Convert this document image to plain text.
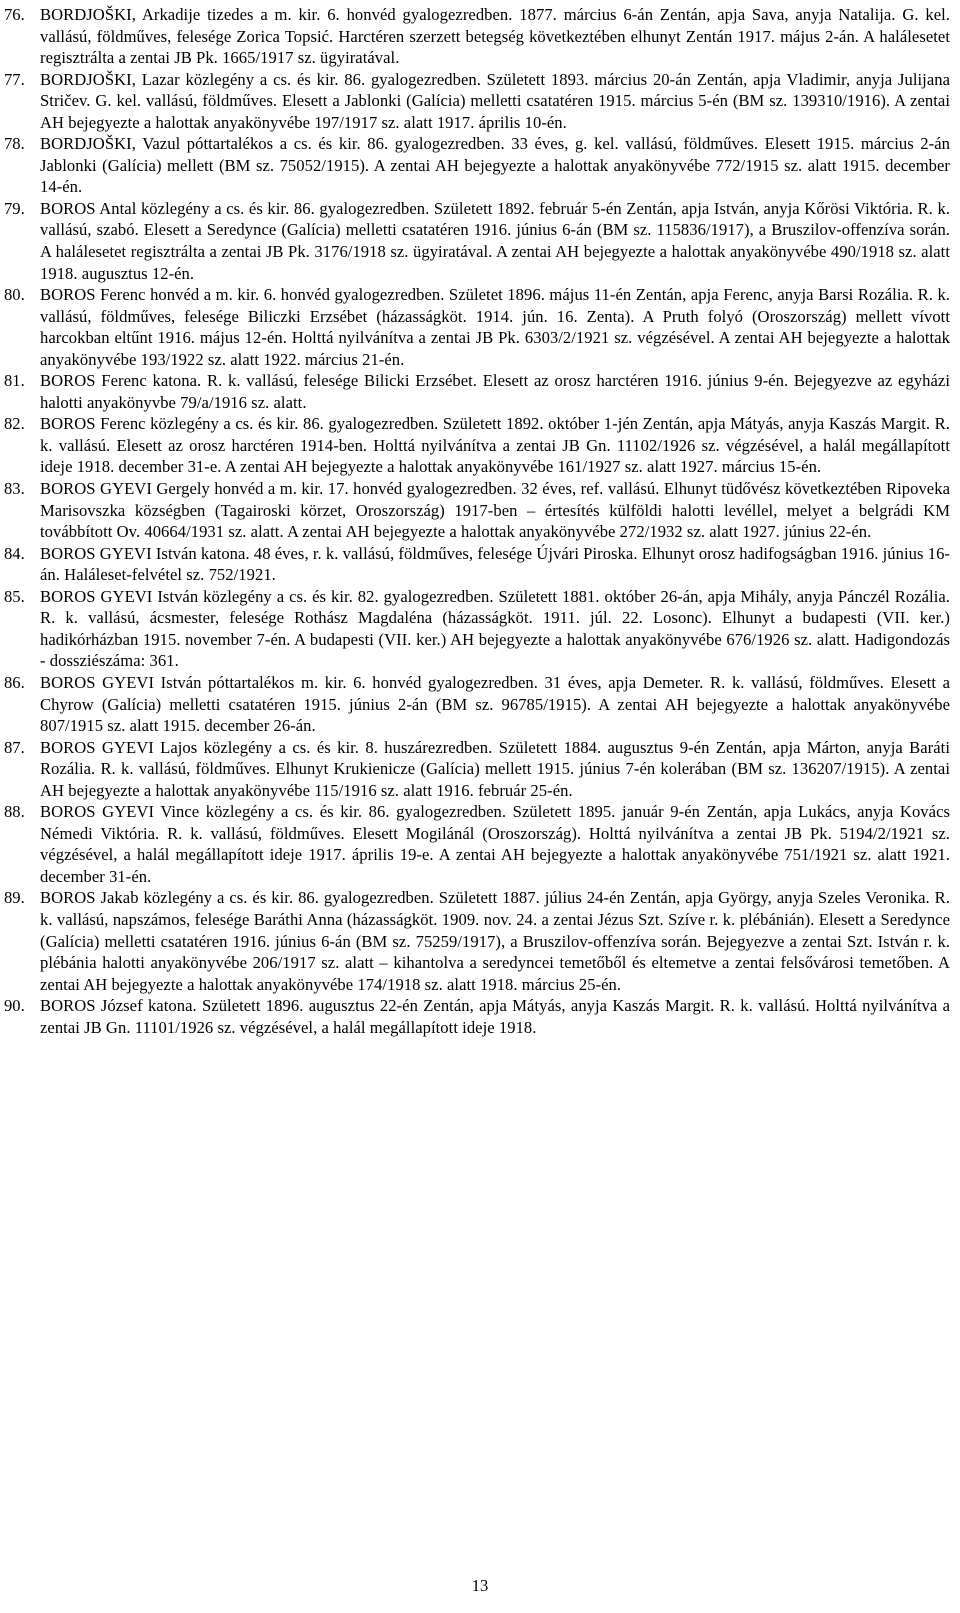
76. BORDJOŠKI, Arkadije tizedes a m. kir. 6. honvéd gyalogezredben. 1877. március 6-án Zentán, apja Sava, anyja Natalija. G. kel. vallású, földműves, felesége Zorica Topsić. Harctéren szerzett betegség következtében elhunyt Zentán 1917. május 2-án. A halálesetet regisztrálta a zentai JB Pk. 1665/1917 sz. ügyiratával.

77. BORDJOŠKI, Lazar közlegény a cs. és kir. 86. gyalogezredben. Született 1893. március 20-án Zentán, apja Vladimir, anyja Julijana Stričev. G. kel. vallású, földműves. Elesett a Jablonki (Galícia) melletti csatatéren 1915. március 5-én (BM sz. 139310/1916). A zentai AH bejegyezte a halottak anyakönyvébe 197/1917 sz. alatt 1917. április 10-én.

78. BORDJOŠKI, Vazul póttartalékos a cs. és kir. 86. gyalogezredben. 33 éves, g. kel. vallású, földműves. Elesett 1915. március 2-án Jablonki (Galícia) mellett (BM sz. 75052/1915). A zentai AH bejegyezte a halottak anyakönyvébe 772/1915 sz. alatt 1915. december 14-én.

79. BOROS Antal közlegény a cs. és kir. 86. gyalogezredben. Született 1892. február 5-én Zentán, apja István, anyja Kőrösi Viktória. R. k. vallású, szabó. Elesett a Seredynce (Galícia) melletti csatatéren 1916. június 6-án (BM sz. 115836/1917), a Bruszilov-offenzíva során. A halálesetet regisztrálta a zentai JB Pk. 3176/1918 sz. ügyiratával. A zentai AH bejegyezte a halottak anyakönyvébe 490/1918 sz. alatt 1918. augusztus 12-én.

80. BOROS Ferenc honvéd a m. kir. 6. honvéd gyalogezredben. Születet 1896. május 11-én Zentán, apja Ferenc, anyja Barsi Rozália. R. k. vallású, földműves, felesége Biliczki Erzsébet (házasságköt. 1914. jún. 16. Zenta). A Pruth folyó (Oroszország) mellett vívott harcokban eltűnt 1916. május 12-én. Holttá nyilvánítva a zentai JB Pk. 6303/2/1921 sz. végzésével. A zentai AH bejegyezte a halottak anyakönyvébe 193/1922 sz. alatt 1922. március 21-én.

81. BOROS Ferenc katona. R. k. vallású, felesége Bilicki Erzsébet. Elesett az orosz harctéren 1916. június 9-én. Bejegyezve az egyházi halotti anyakönyvbe 79/a/1916 sz. alatt.

82. BOROS Ferenc közlegény a cs. és kir. 86. gyalogezredben. Született 1892. október 1-jén Zentán, apja Mátyás, anyja Kaszás Margit. R. k. vallású. Elesett az orosz harctéren 1914-ben. Holttá nyilvánítva a zentai JB Gn. 11102/1926 sz. végzésével, a halál megállapított ideje 1918. december 31-e. A zentai AH bejegyezte a halottak anyakönyvébe 161/1927 sz. alatt 1927. március 15-én.

83. BOROS GYEVI Gergely honvéd a m. kir. 17. honvéd gyalogezredben. 32 éves, ref. vallású. Elhunyt tüdővész következtében Ripoveka Marisovszka községben (Tagairoski körzet, Oroszország) 1917-ben – értesítés külföldi halotti levéllel, melyet a belgrádi KM továbbított Ov. 40664/1931 sz. alatt. A zentai AH bejegyezte a halottak anyakönyvébe 272/1932 sz. alatt 1927. június 22-én.

84. BOROS GYEVI István katona. 48 éves, r. k. vallású, földműves, felesége Újvári Piroska. Elhunyt orosz hadifogságban 1916. június 16-án. Haláleset-felvétel sz. 752/1921.

85. BOROS GYEVI István közlegény a cs. és kir. 82. gyalogezredben. Született 1881. október 26-án, apja Mihály, anyja Pánczél Rozália. R. k. vallású, ácsmester, felesége Rothász Magdaléna (házasságköt. 1911. júl. 22. Losonc). Elhunyt a budapesti (VII. ker.) hadikórházban 1915. november 7-én. A budapesti (VII. ker.) AH bejegyezte a halottak anyakönyvébe 676/1926 sz. alatt. Hadigondozás - dossziészáma: 361.

86. BOROS GYEVI István póttartalékos m. kir. 6. honvéd gyalogezredben. 31 éves, apja Demeter. R. k. vallású, földműves. Elesett a Chyrow (Galícia) melletti csatatéren 1915. június 2-án (BM sz. 96785/1915). A zentai AH bejegyezte a halottak anyakönyvébe 807/1915 sz. alatt 1915. december 26-án.

87. BOROS GYEVI Lajos közlegény a cs. és kir. 8. huszárezredben. Született 1884. augusztus 9-én Zentán, apja Márton, anyja Baráti Rozália. R. k. vallású, földműves. Elhunyt Krukienicze (Galícia) mellett 1915. június 7-én kolerában (BM sz. 136207/1915). A zentai AH bejegyezte a halottak anyakönyvébe 115/1916 sz. alatt 1916. február 25-én.

88. BOROS GYEVI Vince közlegény a cs. és kir. 86. gyalogezredben. Született 1895. január 9-én Zentán, apja Lukács, anyja Kovács Némedi Viktória. R. k. vallású, földműves. Elesett Mogilánál (Oroszország). Holttá nyilvánítva a zentai JB Pk. 5194/2/1921 sz. végzésével, a halál megállapított ideje 1917. április 19-e. A zentai AH bejegyezte a halottak anyakönyvébe 751/1921 sz. alatt 1921. december 31-én.

89. BOROS Jakab közlegény a cs. és kir. 86. gyalogezredben. Született 1887. július 24-én Zentán, apja György, anyja Szeles Veronika. R. k. vallású, napszámos, felesége Baráthi Anna (házasságköt. 1909. nov. 24. a zentai Jézus Szt. Szíve r. k. plébánián). Elesett a Seredynce (Galícia) melletti csatatéren 1916. június 6-án (BM sz. 75259/1917), a Bruszilov-offenzíva során. Bejegyezve a zentai Szt. István r. k. plébánia halotti anyakönyvébe 206/1917 sz. alatt – kihantolva a seredyncei temetőből és eltemetve a zentai felsővárosi temetőben. A zentai AH bejegyezte a halottak anyakönyvébe 174/1918 sz. alatt 1918. március 25-én.

90. BOROS József katona. Született 1896. augusztus 22-én Zentán, apja Mátyás, anyja Kaszás Margit. R. k. vallású. Holttá nyilvánítva a zentai JB Gn. 11101/1926 sz. végzésével, a halál megállapított ideje 1918.

13
